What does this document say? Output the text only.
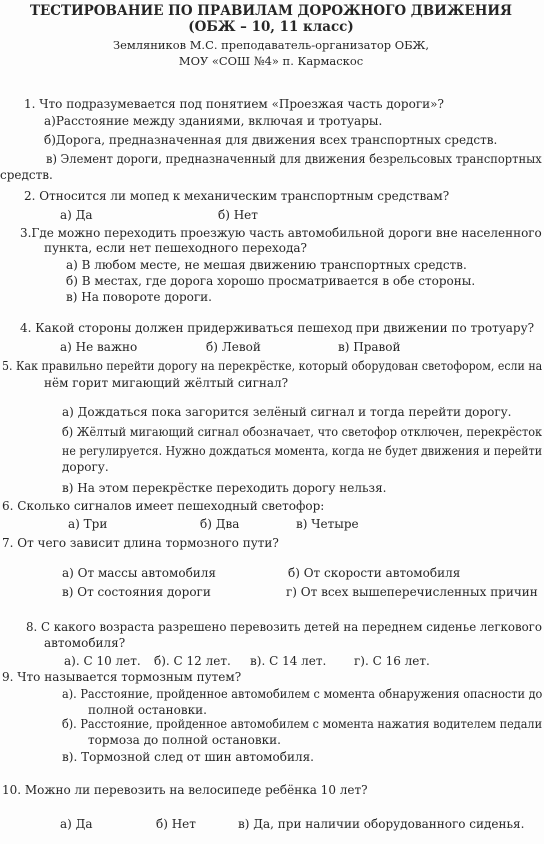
ТЕСТИРОВАНИЕ ПО ПРАВИЛАМ ДОРОЖНОГО ДВИЖЕНИЯ
(ОБЖ – 10, 11 класс)
Земляников М.С. преподаватель-организатор ОБЖ,
МОУ «СОШ №4» п. Кармаскос
1. Что подразумевается под понятием «Проезжая часть дороги»?
а)Расстояние между зданиями, включая и тротуары.
б)Дорога, предназначенная для движения всех транспортных средств.
в) Элемент дороги, предназначенный для движения безрельсовых транспортных
средств.
2. Относится ли мопед к механическим транспортным средствам?
а) Да	б) Нет
3.Где можно переходить проезжую часть автомобильной дороги вне населенного
пункта, если нет пешеходного перехода?
а) В любом месте, не мешая движению транспортных средств.
б) В местах, где дорога хорошо просматривается в обе стороны.
в) На повороте дороги.
4. Какой стороны должен придерживаться пешеход при движении по тротуару?
а) Не важно	б) Левой	в) Правой
5. Как правильно перейти дорогу на перекрёстке, который оборудован светофором, если на
нём горит мигающий жёлтый сигнал?
а) Дождаться пока загорится зелёный сигнал и тогда перейти дорогу.
б) Жёлтый мигающий сигнал обозначает, что светофор отключен, перекрёсток
не регулируется. Нужно дождаться момента, когда не будет движения и перейти
дорогу.
в) На этом перекрёстке переходить дорогу нельзя.
6. Сколько сигналов имеет пешеходный светофор:
а) Три	б) Два	в) Четыре
7. От чего зависит длина тормозного пути?
а) От массы автомобиля	б) От скорости автомобиля
в) От состояния дороги	г) От всех вышеперечисленных причин
8. С какого возраста разрешено перевозить детей на переднем сиденье легкового
автомобиля?
а). С 10 лет. б). С 12 лет. в). С 14 лет. г). С 16 лет.
9. Что называется тормозным путем?
а). Расстояние, пройденное автомобилем с момента обнаружения опасности до
полной остановки.
б). Расстояние, пройденное автомобилем с момента нажатия водителем педали
тормоза до полной остановки.
в). Тормозной след от шин автомобиля.
10. Можно ли перевозить на велосипеде ребёнка 10 лет?
а) Да	б) Нет	в) Да, при наличии оборудованного сиденья.
